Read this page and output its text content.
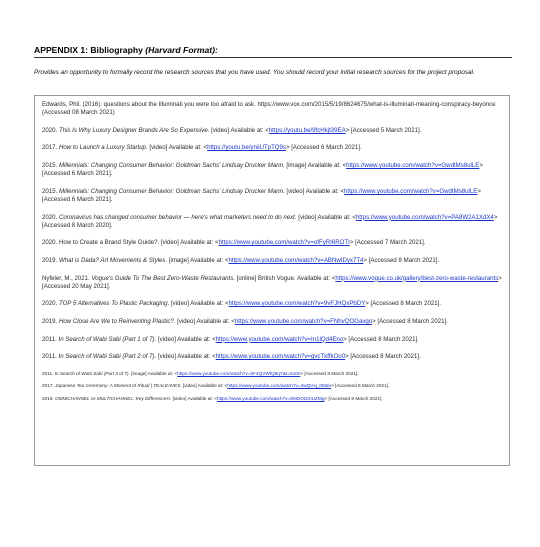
APPENDIX 1: Bibliography (Harvard Format):
Provides an opportunity to formally record the research sources that you have used. You should record your initial research sources for the project proposal.
Edwards, Phil. (2016). questions about the Illuminati you were too afraid to ask. https://www.vox.com/2015/5/19/8624675/what-is-illuminati-meaning-conspiracy-beyonce (Accessed 08 March 2021)
2020. This Is Why Luxury Designer Brands Are So Expensive. [video] Available at: <https://youtu.be/9fcHkjt39EA> [Accessed 5 March 2021].
2017. How to Launch a Luxury Startup. [video] Available at: <https://youtu.be/yniiUTpTQ9s> [Accessed 6 March 2021].
2015. Millennials: Changing Consumer Behavior: Goldman Sachs' Lindsay Drucker Mann. [image] Available at: <https://www.youtube.com/watch?v=GwdtMs8ulLE> [Accessed 6 March 2021].
2015. Millennials: Changing Consumer Behavior: Goldman Sachs' Lindsay Drucker Mann. [video] Available at: <https://www.youtube.com/watch?v=GwdtMs8ulLE> [Accessed 6 March 2021].
2020. Coronavirus has changed consumer behavior — here's what marketers need to do next. [video] Available at: <https://www.youtube.com/watch?v=PA8W2A1XdX4> [Accessed 8 March 2020].
2020. How to Create a Brand Style Guide?. [video] Available at: <https://www.youtube.com/watch?v=ofFyRI6ROTI> [Accessed 7 March 2021].
2019. What is Dada? Art Movements & Styles. [image] Available at: <https://www.youtube.com/watch?v=ABNwtDyx7T4> [Accessed 8 March 2021].
Nyfeler, M., 2021. Vogue's Guide To The Best Zero-Waste Restaurants. [online] British Vogue. Available at: <https://www.vogue.co.uk/gallery/best-zero-waste-restaurants> [Accessed 20 May 2021].
2020. TOP 5 Alternatives To Plastic Packaging. [video] Available at: <https://www.youtube.com/watch?v=9vFJHQxPbDY> [Accessed 8 March 2021].
2019. How Close Are We to Reinventing Plastic?. [video] Available at: <https://www.youtube.com/watch?v=FNhvQOGavgo> [Accessed 8 March 2021].
2011. In Search of Wabi Sabi (Part 1 of 7). [video] Available at: <https://www.youtube.com/watch?v=In1lQd4Eno> [Accessed 8 March 2021].
2011. In Search of Wabi Sabi (Part 2 of 7). [video] Available at: <https://www.youtube.com/watch?v=gvcTkffkOo0> [Accessed 8 March 2021].
2011. In Search of Wabi Sabi (Part 3 of 7). [image] Available at: <https://www.youtube.com/watch?v=bF4QVWfQ8qY&t=610s> [Accessed 8 March 2021].
2017. Japanese Tea Ceremony: A Moment of Ritual | TEALEAVES. [video] Available at: <https://www.youtube.com/watch?v=4wQVxj_0Mdo> [Accessed 8 March 2021].
2019. OMNICHANNEL vs MULTICHANNEL: Key Differences!. [video] Available at: <https://www.youtube.com/watch?v=5MDOt2mUZMg> [Accessed 8 March 2021].
